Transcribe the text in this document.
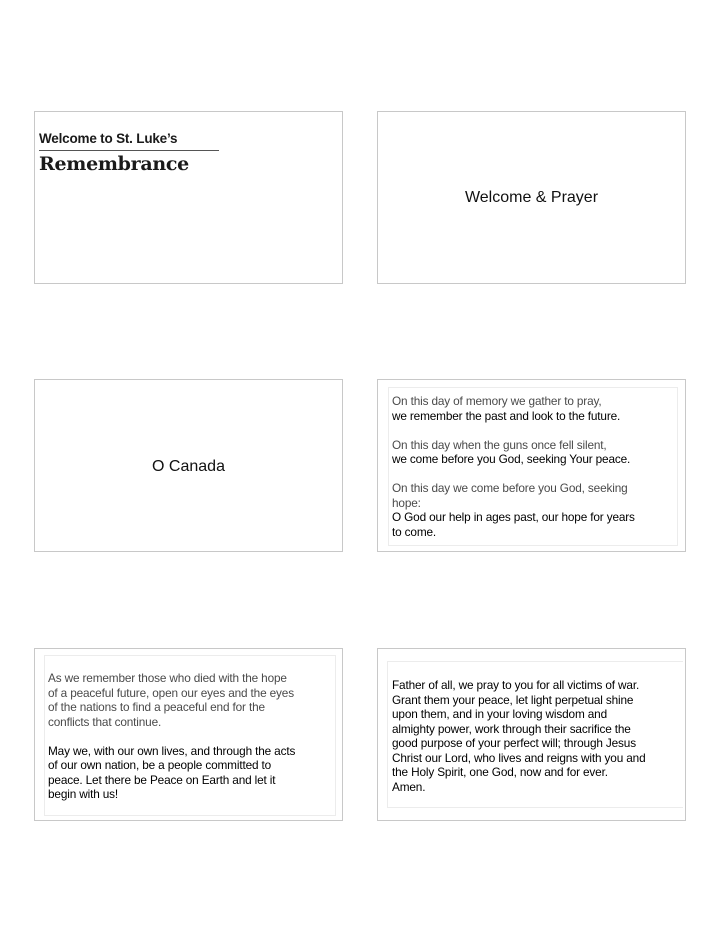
Welcome to St. Luke’s
Remembrance
Welcome & Prayer
O Canada
On this day of memory we gather to pray,
we remember the past and look to the future.
On this day when the guns once fell silent,
we come before you God, seeking Your peace.
On this day we come before you God, seeking
hope:
O God our help in ages past, our hope for years
to come.
As we remember those who died with the hope
of a peaceful future, open our eyes and the eyes
of the nations to find a peaceful end for the
conflicts that continue.
May we, with our own lives, and through the acts
of our own nation, be a people committed to
peace. Let there be Peace on Earth and let it
begin with us!
Father of all, we pray to you for all victims of war.
Grant them your peace, let light perpetual shine
upon them, and in your loving wisdom and
almighty power, work through their sacrifice the
good purpose of your perfect will; through Jesus
Christ our Lord, who lives and reigns with you and
the Holy Spirit, one God, now and for ever.
Amen.
